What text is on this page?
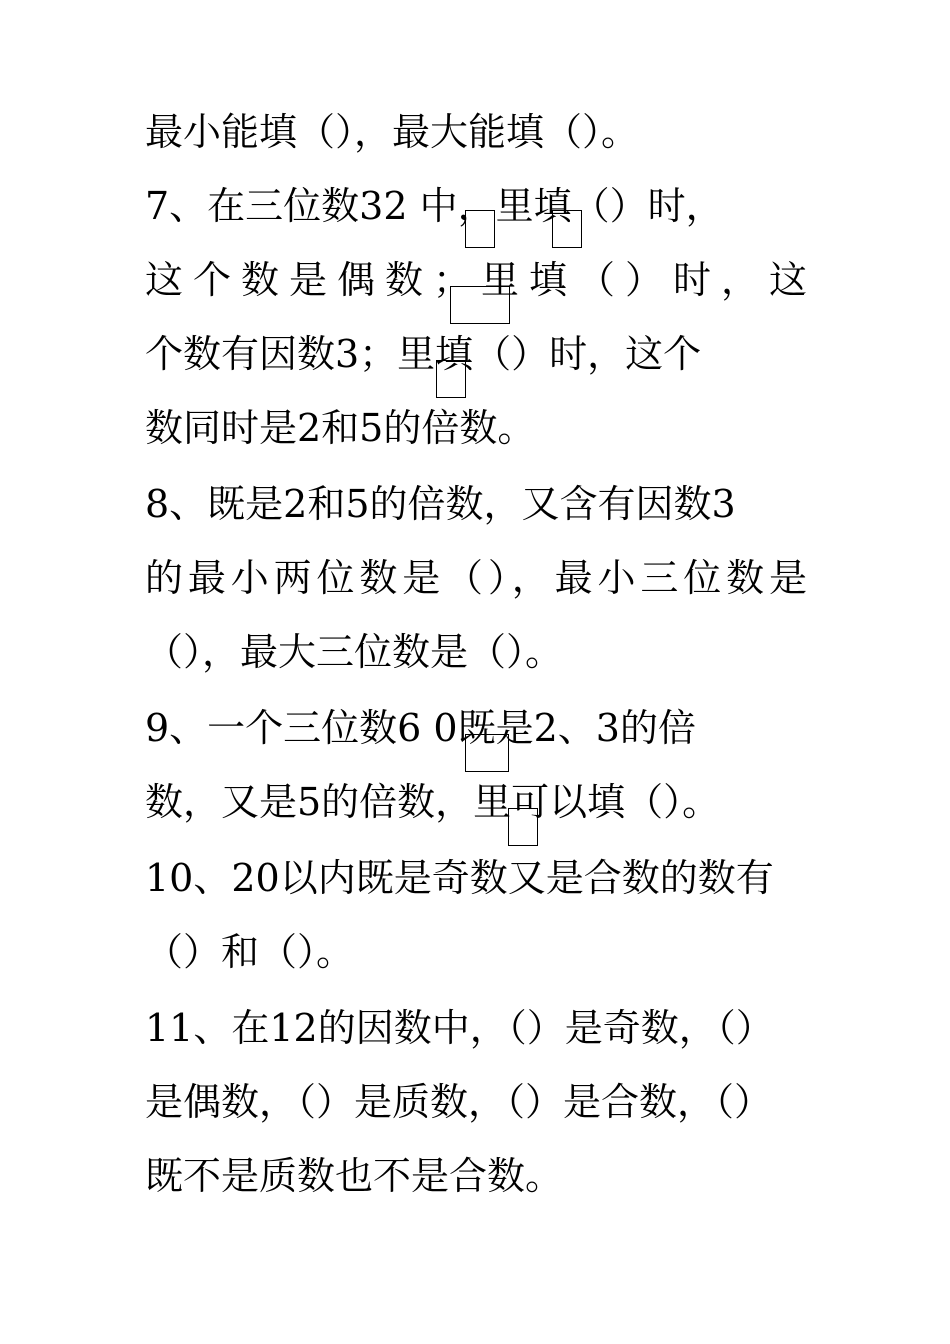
最小能填（），最大能填（）。
7、在三位数32 中，里填（）时，
这个数是偶数；里填（）时，这
个数有因数3；里填（）时，这个
数同时是2和5的倍数。
8、既是2和5的倍数，又含有因数3
的最小两位数是（），最小三位数是
（），最大三位数是（）。
9、一个三位数6 0既是2、3的倍
数，又是5的倍数，里可以填（）。
10、20以内既是奇数又是合数的数有
（）和（）。
11、在12的因数中，（）是奇数，（）
是偶数，（）是质数，（）是合数，（）
既不是质数也不是合数。
